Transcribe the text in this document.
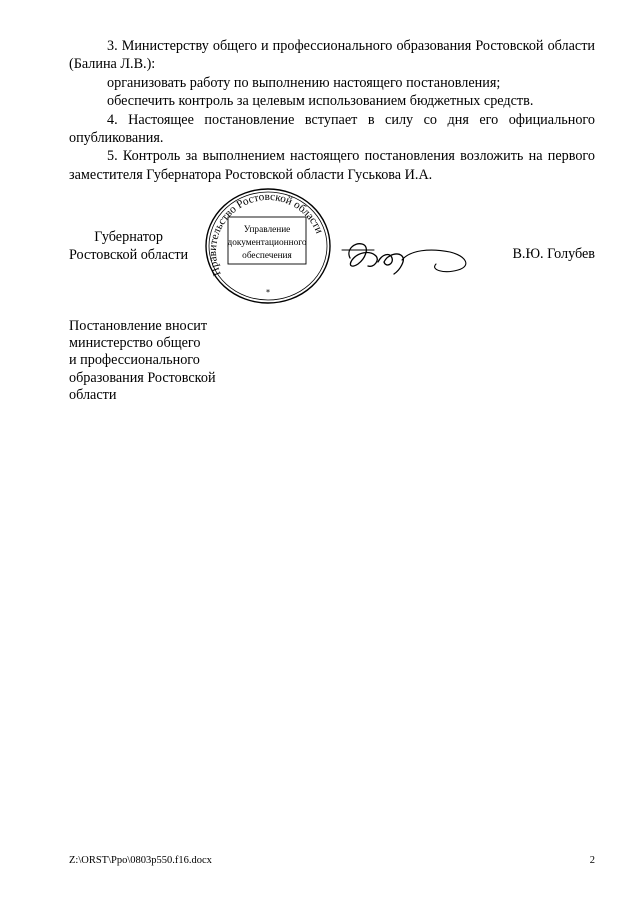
3. Министерству общего и профессионального образования Ростовской области (Балина Л.В.):

организовать работу по выполнению настоящего постановления;

обеспечить контроль за целевым использованием бюджетных средств.

4. Настоящее постановление вступает в силу со дня его официального опубликования.

5. Контроль за выполнением настоящего постановления возложить на первого заместителя Губернатора Ростовской области Гуськова И.А.

Губернатор
Ростовской области
Правительство Ростовской области
Управление
документационного
обеспечения
*
В.Ю. Голубев
Постановление вносит
министерство общего
и профессионального
образования Ростовской
области
Z:\ORST\Ppo\0803p550.f16.docx	2
